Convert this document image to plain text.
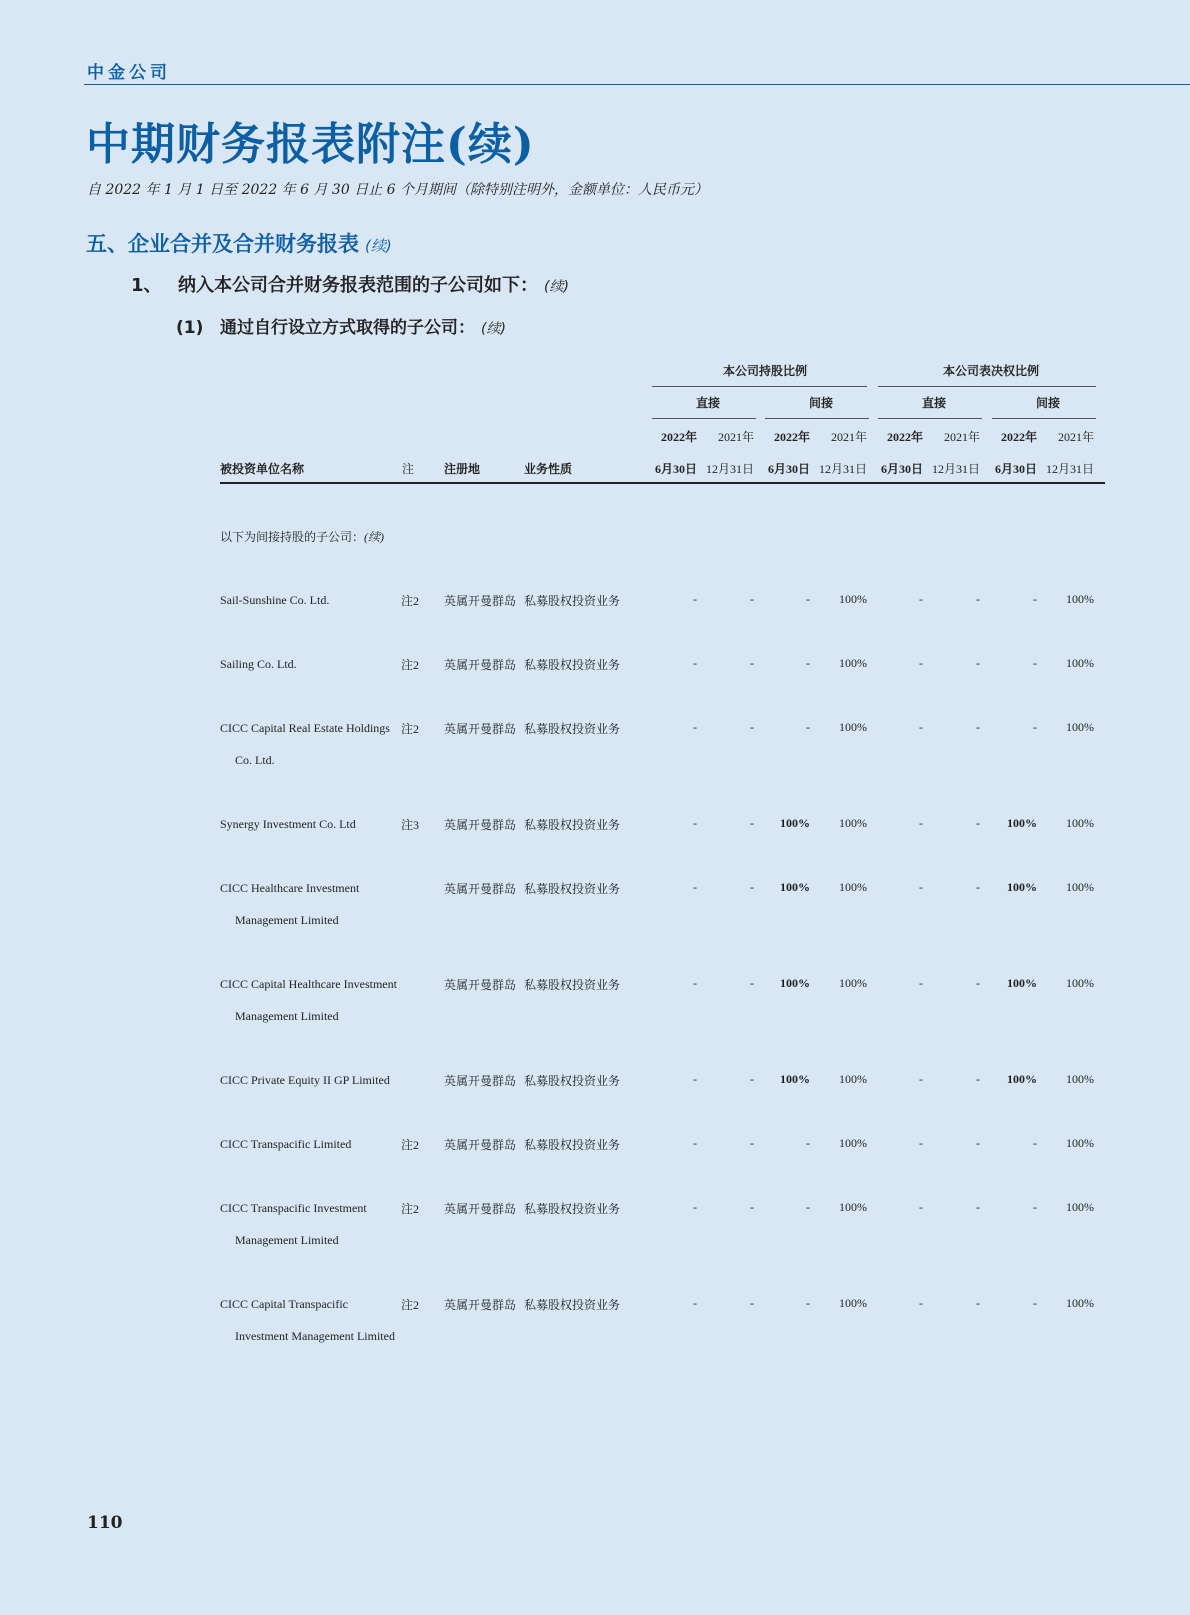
中金公司
中期财务报表附注(续)
自 2022 年 1 月 1 日至 2022 年 6 月 30 日止 6 个月期间（除特别注明外，金额单位：人民币元）
五、企业合并及合并财务报表 (续)
1、 纳入本公司合并财务报表范围的子公司如下： (续)
(1) 通过自行设立方式取得的子公司： (续)
本公司持股比例	本公司表决权比例
直接	间接	直接	间接
2022年 2021年 2022年 2021年 2022年 2021年 2022年 2021年
被投资单位名称	注 注册地	业务性质	6月30日 12月31日 6月30日 12月31日 6月30日 12月31日 6月30日 12月31日
以下为间接持股的子公司：(续)
Sail-Sunshine Co. Ltd.	注2 英属开曼群岛 私募股权投资业务	-	-	- 100%	-	-	- 100%
Sailing Co. Ltd.	注2 英属开曼群岛 私募股权投资业务	-	-	- 100%	-	-	- 100%
CICC Capital Real Estate Holdings
Co. Ltd.
注2 英属开曼群岛 私募股权投资业务	-	-	- 100%	-	-	- 100%
Synergy Investment Co. Ltd	注3 英属开曼群岛 私募股权投资业务	-	- 100% 100%	-	- 100% 100%
CICC Healthcare Investment
Management Limited
英属开曼群岛 私募股权投资业务	-	- 100% 100%	-	- 100% 100%
CICC Capital Healthcare Investment
Management Limited
英属开曼群岛 私募股权投资业务	-	- 100% 100%	-	- 100% 100%
CICC Private Equity II GP Limited	英属开曼群岛 私募股权投资业务	-	- 100% 100%	-	- 100% 100%
CICC Transpacific Limited	注2 英属开曼群岛 私募股权投资业务	-	-	- 100%	-	-	- 100%
CICC Transpacific Investment
Management Limited
注2 英属开曼群岛 私募股权投资业务	-	-	- 100%	-	-	- 100%
CICC Capital Transpacific
Investment Management Limited
注2 英属开曼群岛 私募股权投资业务	-	-	- 100%	-	-	- 100%
110
